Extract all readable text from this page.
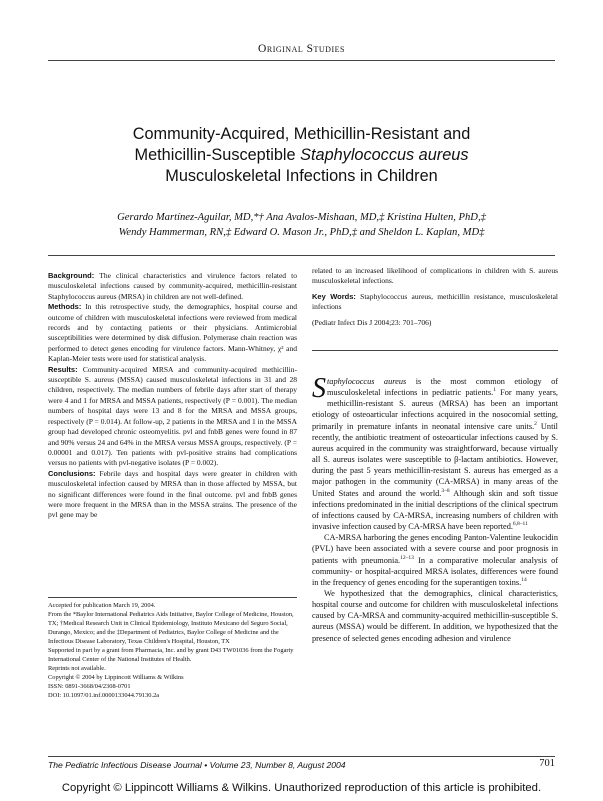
Original Studies
Community-Acquired, Methicillin-Resistant and
Methicillin-Susceptible Staphylococcus aureus
Musculoskeletal Infections in Children
Gerardo Martínez-Aguilar, MD,*† Ana Avalos-Mishaan, MD,‡ Kristina Hulten, PhD,‡
Wendy Hammerman, RN,‡ Edward O. Mason Jr., PhD,‡ and Sheldon L. Kaplan, MD‡

Background: The clinical characteristics and virulence factors related to musculoskeletal infections caused by community-acquired, methicillin-resistant Staphylococcus aureus (MRSA) in children are not well-defined.

Methods: In this retrospective study, the demographics, hospital course and outcome of children with musculoskeletal infections were reviewed from medical records and by contacting patients or their physicians. Antimicrobial susceptibilities were determined by disk diffusion. Polymerase chain reaction was performed to detect genes encoding for virulence factors. Mann-Whitney, χ² and Kaplan-Meier tests were used for statistical analysis.

Results: Community-acquired MRSA and community-acquired methicillin-susceptible S. aureus (MSSA) caused musculoskeletal infections in 31 and 28 children, respectively. The median numbers of febrile days after start of therapy were 4 and 1 for MRSA and MSSA patients, respectively (P = 0.001). The median numbers of hospital days were 13 and 8 for the MRSA and MSSA groups, respectively (P = 0.014). At follow-up, 2 patients in the MRSA and 1 in the MSSA group had developed chronic osteomyelitis. pvl and fnbB genes were found in 87 and 90% versus 24 and 64% in the MRSA versus MSSA groups, respectively. (P = 0.00001 and 0.017). Ten patients with pvl-positive strains had complications versus no patients with pvl-negative isolates (P = 0.002).

Conclusions: Febrile days and hospital days were greater in children with musculoskeletal infection caused by MRSA than in those affected by MSSA, but no significant differences were found in the final outcome. pvl and fnbB genes were more frequent in the MRSA than in the MSSA strains. The presence of the pvl gene may be

Accepted for publication March 19, 2004.
From the *Baylor International Pediatrics Aids Initiative, Baylor College of Medicine, Houston, TX; †Medical Research Unit in Clinical Epidemiology, Instituto Mexicano del Seguro Social, Durango, Mexico; and the ‡Department of Pediatrics, Baylor College of Medicine and the Infectious Disease Laboratory, Texas Children's Hospital, Houston, TX
Supported in part by a grant from Pharmacia, Inc. and by grant D43 TW01036 from the Fogarty International Center of the National Institutes of Health.
Reprints not available.
Copyright © 2004 by Lippincott Williams & Wilkins
ISSN: 0891-3668/04/2308-0701
DOI: 10.1097/01.inf.0000133044.79130.2a

related to an increased likelihood of complications in children with S. aureus musculoskeletal infections.

Key Words: Staphylococcus aureus, methicillin resistance, musculoskeletal infections

(Pediatr Infect Dis J 2004;23: 701–706)

Staphylococcus aureus is the most common etiology of musculoskeletal infections in pediatric patients.$^1$ For many years, methicillin-resistant S. aureus (MRSA) has been an important etiology of osteoarticular infections acquired in the nosocomial setting, primarily in premature infants in neonatal intensive care units.$^2$ Until recently, the antibiotic treatment of osteoarticular infections caused by S. aureus acquired in the community was straightforward, because virtually all S. aureus isolates were susceptible to β-lactam antibiotics. However, during the past 5 years methicillin-resistant S. aureus has emerged as a major pathogen in the community (CA-MRSA) in many areas of the United States and around the world.$^{3-8}$ Although skin and soft tissue infections predominated in the initial descriptions of the clinical spectrum of infections caused by CA-MRSA, increasing numbers of children with invasive infection caused by CA-MRSA have been reported.$^{6,8-11}$

CA-MRSA harboring the genes encoding Panton-Valentine leukocidin (PVL) have been associated with a severe course and poor prognosis in patients with pneumonia.$^{12-13}$ In a comparative molecular analysis of community- or hospital-acquired MRSA isolates, differences were found in the frequency of genes encoding for the superantigen toxins.$^{14}$

We hypothesized that the demographics, clinical characteristics, hospital course and outcome for children with musculoskeletal infections caused by CA-MRSA and community-acquired methicillin-susceptible S. aureus (MSSA) would be different. In addition, we hypothesized that the presence of selected genes encoding adhesion and virulence

The Pediatric Infectious Disease Journal • Volume 23, Number 8, August 2004	701
Copyright © Lippincott Williams & Wilkins. Unauthorized reproduction of this article is prohibited.
